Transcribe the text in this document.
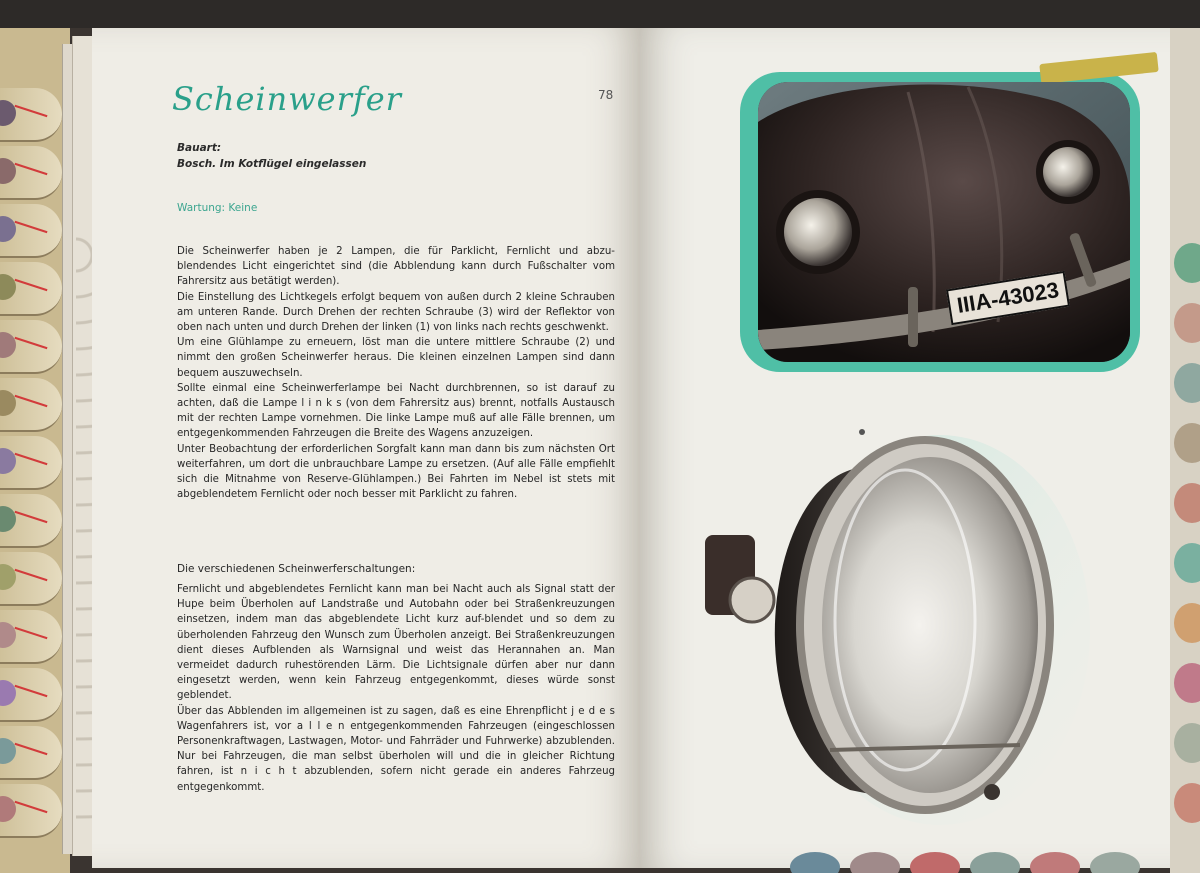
Scheinwerfer	78
Bauart:
Bosch. Im Kotflügel eingelassen
Wartung: Keine

Die Scheinwerfer haben je 2 Lampen, die für Parklicht, Fernlicht und abzu-blendendes Licht eingerichtet sind (die Abblendung kann durch Fußschalter vom Fahrersitz aus betätigt werden).

Die Einstellung des Lichtkegels erfolgt bequem von außen durch 2 kleine Schrauben am unteren Rande. Durch Drehen der rechten Schraube (3) wird der Reflektor von oben nach unten und durch Drehen der linken (1) von links nach rechts geschwenkt.

Um eine Glühlampe zu erneuern, löst man die untere mittlere Schraube (2) und nimmt den großen Scheinwerfer heraus. Die kleinen einzelnen Lampen sind dann bequem auszuwechseln.

Sollte einmal eine Scheinwerferlampe bei Nacht durchbrennen, so ist darauf zu achten, daß die Lampe l i n k s (von dem Fahrersitz aus) brennt, notfalls Austausch mit der rechten Lampe vornehmen. Die linke Lampe muß auf alle Fälle brennen, um entgegenkommenden Fahrzeugen die Breite des Wagens anzuzeigen.

Unter Beobachtung der erforderlichen Sorgfalt kann man dann bis zum nächsten Ort weiterfahren, um dort die unbrauchbare Lampe zu ersetzen. (Auf alle Fälle empfiehlt sich die Mitnahme von Reserve-Glühlampen.) Bei Fahrten im Nebel ist stets mit abgeblendetem Fernlicht oder noch besser mit Parklicht zu fahren.

Die verschiedenen Scheinwerferschaltungen:

Fernlicht und abgeblendetes Fernlicht kann man bei Nacht auch als Signal statt der Hupe beim Überholen auf Landstraße und Autobahn oder bei Straßenkreuzungen einsetzen, indem man das abgeblendete Licht kurz auf-blendet und so dem zu überholenden Fahrzeug den Wunsch zum Überholen anzeigt. Bei Straßenkreuzungen dient dieses Aufblenden als Warnsignal und weist das Herannahen an. Man vermeidet dadurch ruhestörenden Lärm. Die Lichtsignale dürfen aber nur dann eingesetzt werden, wenn kein Fahrzeug entgegenkommt, dieses würde sonst geblendet.

Über das Abblenden im allgemeinen ist zu sagen, daß es eine Ehrenpflicht j e d e s Wagenfahrers ist, vor a l l e n entgegenkommenden Fahrzeugen (eingeschlossen Personenkraftwagen, Lastwagen, Motor- und Fahrräder und Fuhrwerke) abzublenden. Nur bei Fahrzeugen, die man selbst überholen will und die in gleicher Richtung fahren, ist n i c h t abzublenden, sofern nicht gerade ein anderes Fahrzeug entgegenkommt.

IIIA-43023
